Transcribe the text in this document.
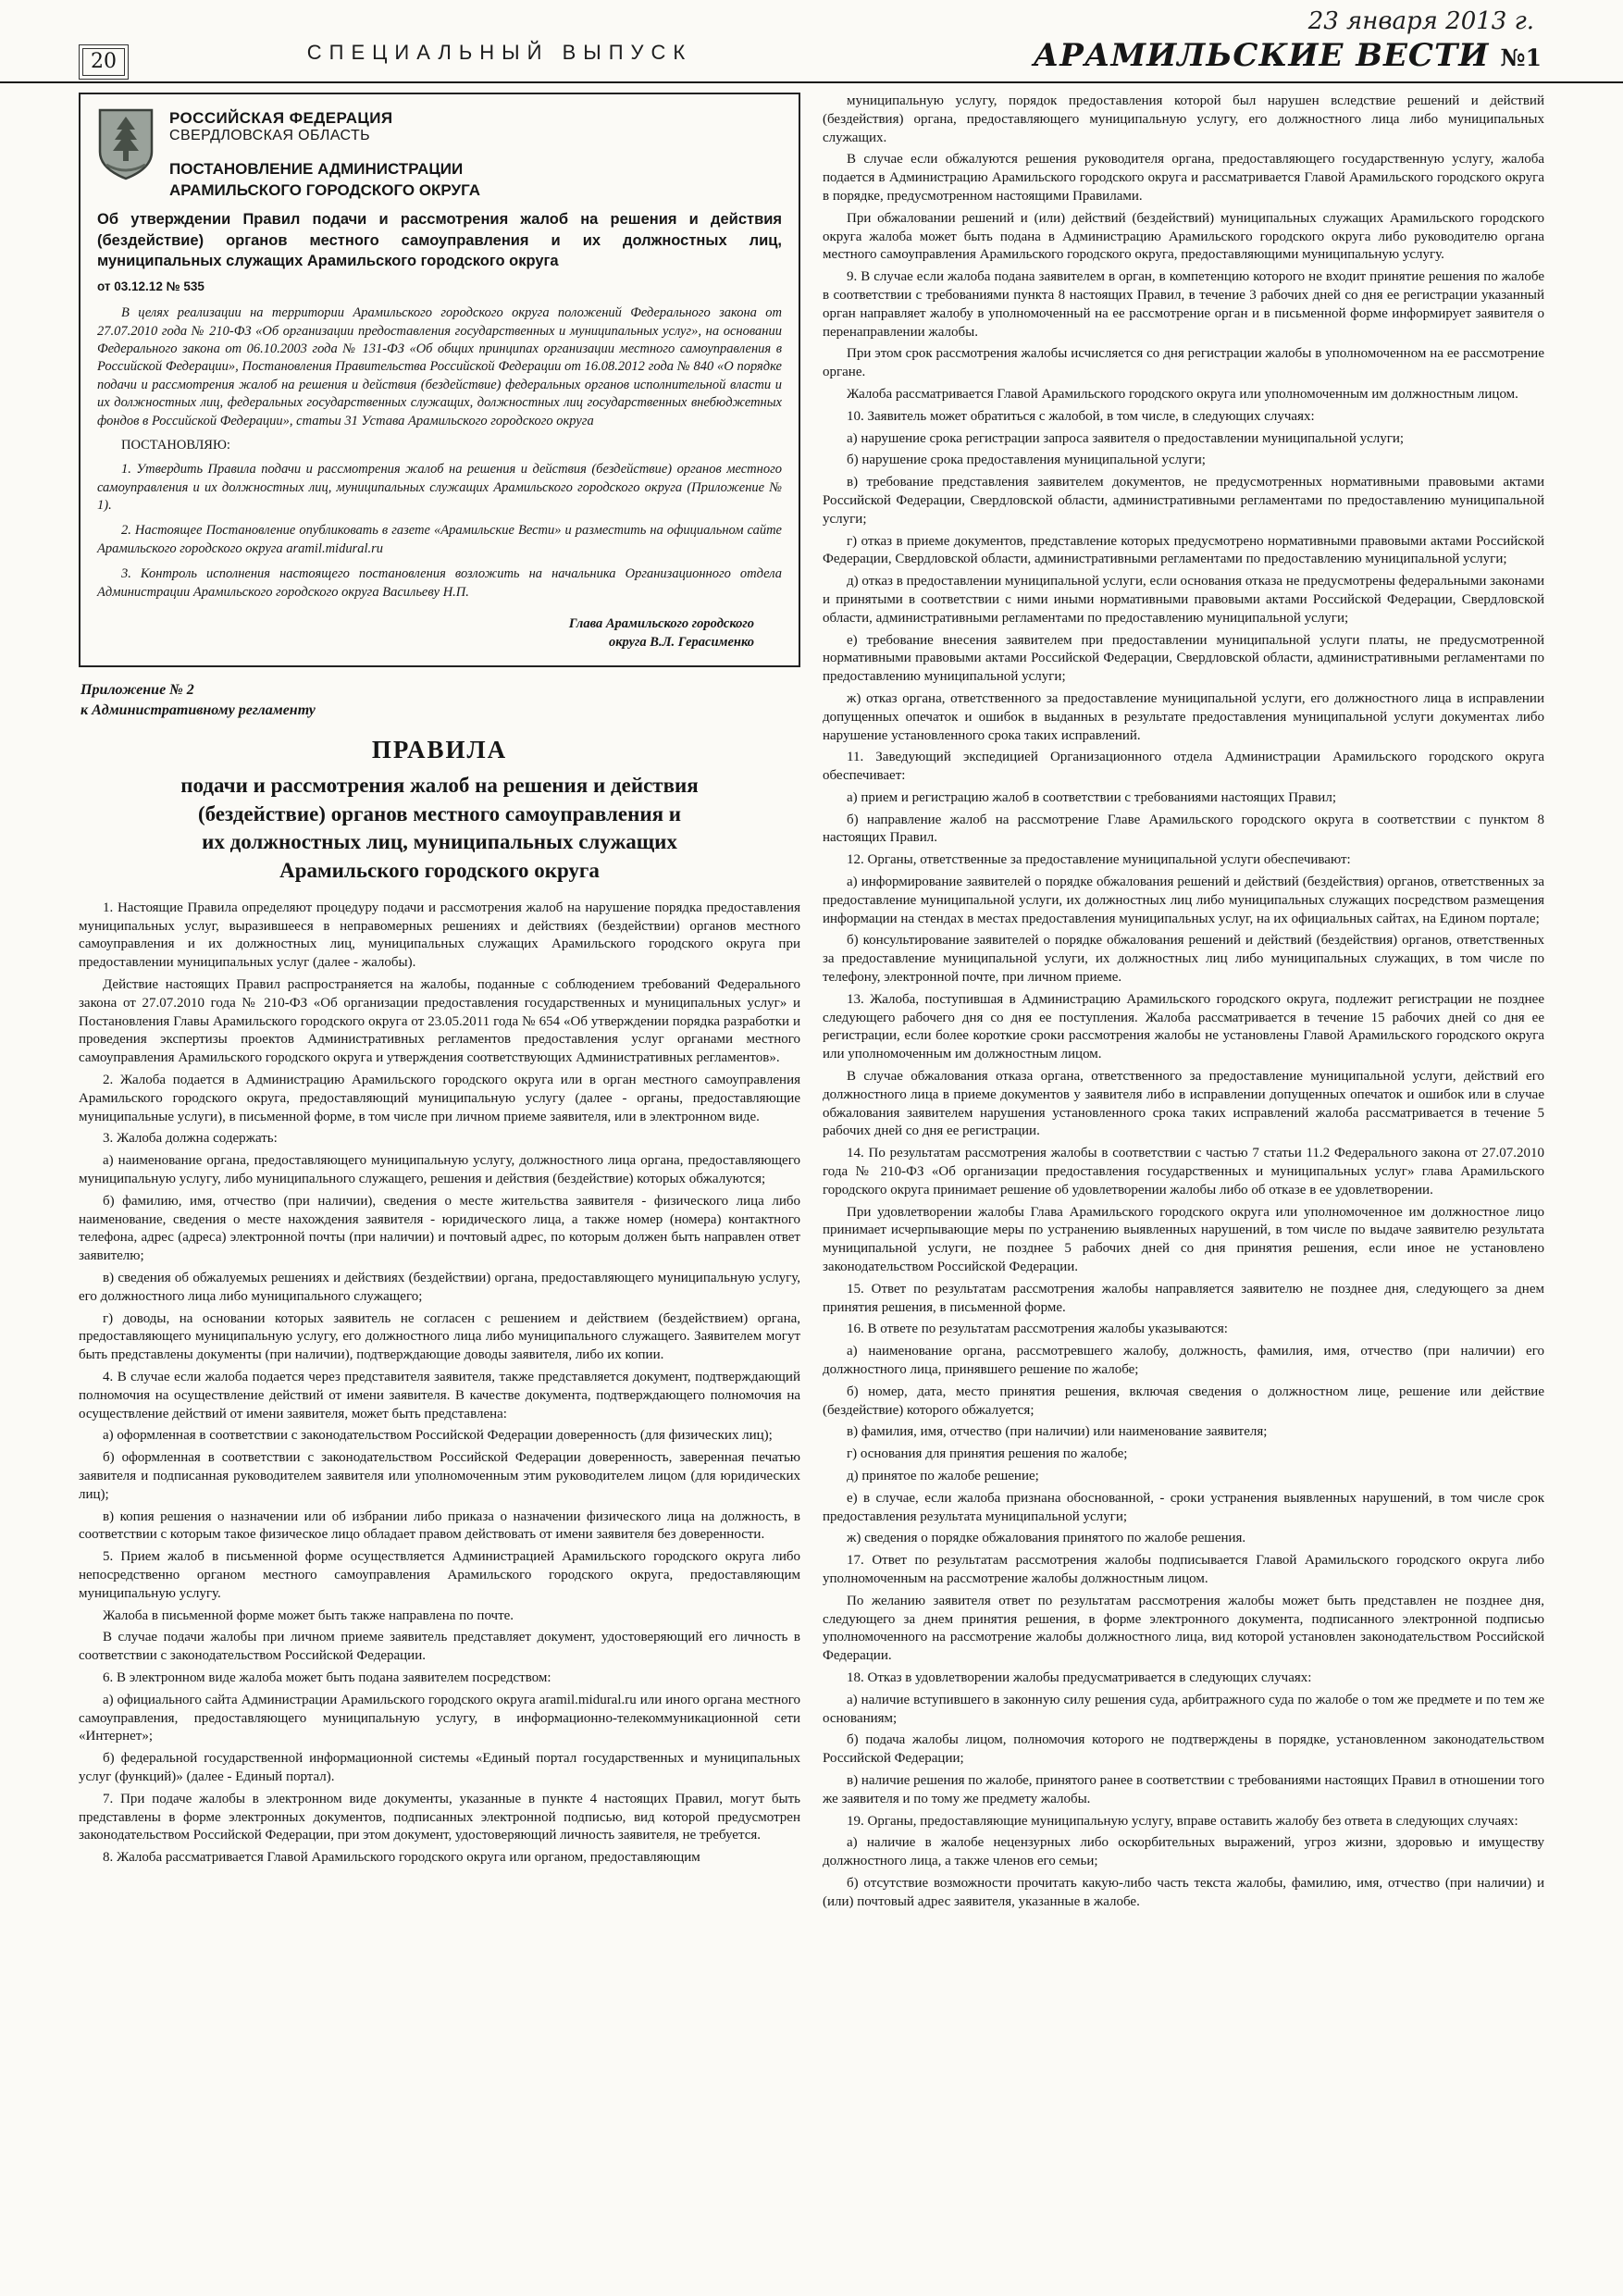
23 января 2013 г.
АРАМИЛЬСКИЕ ВЕСТИ №1
СПЕЦИАЛЬНЫЙ ВЫПУСК
20
РОССИЙСКАЯ ФЕДЕРАЦИЯ
СВЕРДЛОВСКАЯ ОБЛАСТЬ
ПОСТАНОВЛЕНИЕ АДМИНИСТРАЦИИ
АРАМИЛЬСКОГО ГОРОДСКОГО ОКРУГА

Об утверждении Правил подачи и рассмотрения жалоб на решения и действия (бездействие) органов местного самоуправления и их должностных лиц, муниципальных служащих Арамильского городского округа

от 03.12.12 № 535

В целях реализации на территории Арамильского городского округа положений Федерального закона от 27.07.2010 года № 210-ФЗ «Об организации предоставления государственных и муниципальных услуг», на основании Федерального закона от 06.10.2003 года № 131-ФЗ «Об общих принципах организации местного самоуправления в Российской Федерации», Постановления Правительства Российской Федерации от 16.08.2012 года № 840 «О порядке подачи и рассмотрения жалоб на решения и действия (бездействие) федеральных органов исполнительной власти и их должностных лиц, федеральных государственных служащих, должностных лиц государственных внебюджетных фондов в Российской Федерации», статьи 31 Устава Арамильского городского округа

ПОСТАНОВЛЯЮ:

1. Утвердить Правила подачи и рассмотрения жалоб на решения и действия (бездействие) органов местного самоуправления и их должностных лиц, муниципальных служащих Арамильского городского округа (Приложение № 1).

2. Настоящее Постановление опубликовать в газете «Арамильские Вести» и разместить на официальном сайте Арамильского городского округа aramil.midural.ru

3. Контроль исполнения настоящего постановления возложить на начальника Организационного отдела Администрации Арамильского городского округа Васильеву Н.П.

Глава Арамильского городского
округа В.Л. Герасименко
Приложение № 2
к Административному регламенту
ПРАВИЛА
подачи и рассмотрения жалоб на решения и действия
(бездействие) органов местного самоуправления и
их должностных лиц, муниципальных служащих
Арамильского городского округа

1. Настоящие Правила определяют процедуру подачи и рассмотрения жалоб на нарушение порядка предоставления муниципальных услуг, выразившееся в неправомерных решениях и действиях (бездействии) органов местного самоуправления и их должностных лиц, муниципальных служащих Арамильского городского округа при предоставлении муниципальных услуг (далее - жалобы).

Действие настоящих Правил распространяется на жалобы, поданные с соблюдением требований Федерального закона от 27.07.2010 года № 210-ФЗ «Об организации предоставления государственных и муниципальных услуг» и Постановления Главы Арамильского городского округа от 23.05.2011 года № 654 «Об утверждении порядка разработки и проведения экспертизы проектов Административных регламентов предоставления услуг органами местного самоуправления Арамильского городского округа и утверждения соответствующих Административных регламентов».

2. Жалоба подается в Администрацию Арамильского городского округа или в орган местного самоуправления Арамильского городского округа, предоставляющий муниципальную услугу (далее - органы, предоставляющие муниципальные услуги), в письменной форме, в том числе при личном приеме заявителя, или в электронном виде.

3. Жалоба должна содержать:

а) наименование органа, предоставляющего муниципальную услугу, должностного лица органа, предоставляющего муниципальную услугу, либо муниципального служащего, решения и действия (бездействие) которых обжалуются;

б) фамилию, имя, отчество (при наличии), сведения о месте жительства заявителя - физического лица либо наименование, сведения о месте нахождения заявителя - юридического лица, а также номер (номера) контактного телефона, адрес (адреса) электронной почты (при наличии) и почтовый адрес, по которым должен быть направлен ответ заявителю;

в) сведения об обжалуемых решениях и действиях (бездействии) органа, предоставляющего муниципальную услугу, его должностного лица либо муниципального служащего;

г) доводы, на основании которых заявитель не согласен с решением и действием (бездействием) органа, предоставляющего муниципальную услугу, его должностного лица либо муниципального служащего. Заявителем могут быть представлены документы (при наличии), подтверждающие доводы заявителя, либо их копии.

4. В случае если жалоба подается через представителя заявителя, также представляется документ, подтверждающий полномочия на осуществление действий от имени заявителя. В качестве документа, подтверждающего полномочия на осуществление действий от имени заявителя, может быть представлена:

а) оформленная в соответствии с законодательством Российской Федерации доверенность (для физических лиц);

б) оформленная в соответствии с законодательством Российской Федерации доверенность, заверенная печатью заявителя и подписанная руководителем заявителя или уполномоченным этим руководителем лицом (для юридических лиц);

в) копия решения о назначении или об избрании либо приказа о назначении физического лица на должность, в соответствии с которым такое физическое лицо обладает правом действовать от имени заявителя без доверенности.

5. Прием жалоб в письменной форме осуществляется Администрацией Арамильского городского округа либо непосредственно органом местного самоуправления Арамильского городского округа, предоставляющим муниципальную услугу.

Жалоба в письменной форме может быть также направлена по почте.

В случае подачи жалобы при личном приеме заявитель представляет документ, удостоверяющий его личность в соответствии с законодательством Российской Федерации.

6. В электронном виде жалоба может быть подана заявителем посредством:

а) официального сайта Администрации Арамильского городского округа aramil.midural.ru или иного органа местного самоуправления, предоставляющего муниципальную услугу, в информационно-телекоммуникационной сети «Интернет»;

б) федеральной государственной информационной системы «Единый портал государственных и муниципальных услуг (функций)» (далее - Единый портал).

7. При подаче жалобы в электронном виде документы, указанные в пункте 4 настоящих Правил, могут быть представлены в форме электронных документов, подписанных электронной подписью, вид которой предусмотрен законодательством Российской Федерации, при этом документ, удостоверяющий личность заявителя, не требуется.

8. Жалоба рассматривается Главой Арамильского городского округа или органом, предоставляющим

муниципальную услугу, порядок предоставления которой был нарушен вследствие решений и действий (бездействия) органа, предоставляющего муниципальную услугу, его должностного лица либо муниципальных служащих.

В случае если обжалуются решения руководителя органа, предоставляющего государственную услугу, жалоба подается в Администрацию Арамильского городского округа и рассматривается Главой Арамильского городского округа в порядке, предусмотренном настоящими Правилами.

При обжаловании решений и (или) действий (бездействий) муниципальных служащих Арамильского городского округа жалоба может быть подана в Администрацию Арамильского городского округа либо руководителю органа местного самоуправления Арамильского городского округа, предоставляющими муниципальную услугу.

9. В случае если жалоба подана заявителем в орган, в компетенцию которого не входит принятие решения по жалобе в соответствии с требованиями пункта 8 настоящих Правил, в течение 3 рабочих дней со дня ее регистрации указанный орган направляет жалобу в уполномоченный на ее рассмотрение орган и в письменной форме информирует заявителя о перенаправлении жалобы.

При этом срок рассмотрения жалобы исчисляется со дня регистрации жалобы в уполномоченном на ее рассмотрение органе.

Жалоба рассматривается Главой Арамильского городского округа или уполномоченным им должностным лицом.

10. Заявитель может обратиться с жалобой, в том числе, в следующих случаях:

а) нарушение срока регистрации запроса заявителя о предоставлении муниципальной услуги;

б) нарушение срока предоставления муниципальной услуги;

в) требование представления заявителем документов, не предусмотренных нормативными правовыми актами Российской Федерации, Свердловской области, административными регламентами по предоставлению муниципальной услуги;

г) отказ в приеме документов, представление которых предусмотрено нормативными правовыми актами Российской Федерации, Свердловской области, административными регламентами по предоставлению муниципальной услуги;

д) отказ в предоставлении муниципальной услуги, если основания отказа не предусмотрены федеральными законами и принятыми в соответствии с ними иными нормативными правовыми актами Российской Федерации, Свердловской области, административными регламентами по предоставлению муниципальной услуги;

е) требование внесения заявителем при предоставлении муниципальной услуги платы, не предусмотренной нормативными правовыми актами Российской Федерации, Свердловской области, административными регламентами по предоставлению муниципальной услуги;

ж) отказ органа, ответственного за предоставление муниципальной услуги, его должностного лица в исправлении допущенных опечаток и ошибок в выданных в результате предоставления муниципальной услуги документах либо нарушение установленного срока таких исправлений.

11. Заведующий экспедицией Организационного отдела Администрации Арамильского городского округа обеспечивает:

а) прием и регистрацию жалоб в соответствии с требованиями настоящих Правил;

б) направление жалоб на рассмотрение Главе Арамильского городского округа в соответствии с пунктом 8 настоящих Правил.

12. Органы, ответственные за предоставление муниципальной услуги обеспечивают:

а) информирование заявителей о порядке обжалования решений и действий (бездействия) органов, ответственных за предоставление муниципальной услуги, их должностных лиц либо муниципальных служащих посредством размещения информации на стендах в местах предоставления муниципальных услуг, на их официальных сайтах, на Едином портале;

б) консультирование заявителей о порядке обжалования решений и действий (бездействия) органов, ответственных за предоставление муниципальной услуги, их должностных лиц либо муниципальных служащих, в том числе по телефону, электронной почте, при личном приеме.

13. Жалоба, поступившая в Администрацию Арамильского городского округа, подлежит регистрации не позднее следующего рабочего дня со дня ее поступления. Жалоба рассматривается в течение 15 рабочих дней со дня ее регистрации, если более короткие сроки рассмотрения жалобы не установлены Главой Арамильского городского округа или уполномоченным им должностным лицом.

В случае обжалования отказа органа, ответственного за предоставление муниципальной услуги, действий его должностного лица в приеме документов у заявителя либо в исправлении допущенных опечаток и ошибок или в случае обжалования заявителем нарушения установленного срока таких исправлений жалоба рассматривается в течение 5 рабочих дней со дня ее регистрации.

14. По результатам рассмотрения жалобы в соответствии с частью 7 статьи 11.2 Федерального закона от 27.07.2010 года № 210-ФЗ «Об организации предоставления государственных и муниципальных услуг» глава Арамильского городского округа принимает решение об удовлетворении жалобы либо об отказе в ее удовлетворении.

При удовлетворении жалобы Глава Арамильского городского округа или уполномоченное им должностное лицо принимает исчерпывающие меры по устранению выявленных нарушений, в том числе по выдаче заявителю результата муниципальной услуги, не позднее 5 рабочих дней со дня принятия решения, если иное не установлено законодательством Российской Федерации.

15. Ответ по результатам рассмотрения жалобы направляется заявителю не позднее дня, следующего за днем принятия решения, в письменной форме.

16. В ответе по результатам рассмотрения жалобы указываются:

а) наименование органа, рассмотревшего жалобу, должность, фамилия, имя, отчество (при наличии) его должностного лица, принявшего решение по жалобе;

б) номер, дата, место принятия решения, включая сведения о должностном лице, решение или действие (бездействие) которого обжалуется;

в) фамилия, имя, отчество (при наличии) или наименование заявителя;

г) основания для принятия решения по жалобе;

д) принятое по жалобе решение;

е) в случае, если жалоба признана обоснованной, - сроки устранения выявленных нарушений, в том числе срок предоставления результата муниципальной услуги;

ж) сведения о порядке обжалования принятого по жалобе решения.

17. Ответ по результатам рассмотрения жалобы подписывается Главой Арамильского городского округа либо уполномоченным на рассмотрение жалобы должностным лицом.

По желанию заявителя ответ по результатам рассмотрения жалобы может быть представлен не позднее дня, следующего за днем принятия решения, в форме электронного документа, подписанного электронной подписью уполномоченного на рассмотрение жалобы должностного лица, вид которой установлен законодательством Российской Федерации.

18. Отказ в удовлетворении жалобы предусматривается в следующих случаях:

а) наличие вступившего в законную силу решения суда, арбитражного суда по жалобе о том же предмете и по тем же основаниям;

б) подача жалобы лицом, полномочия которого не подтверждены в порядке, установленном законодательством Российской Федерации;

в) наличие решения по жалобе, принятого ранее в соответствии с требованиями настоящих Правил в отношении того же заявителя и по тому же предмету жалобы.

19. Органы, предоставляющие муниципальную услугу, вправе оставить жалобу без ответа в следующих случаях:

а) наличие в жалобе нецензурных либо оскорбительных выражений, угроз жизни, здоровью и имуществу должностного лица, а также членов его семьи;

б) отсутствие возможности прочитать какую-либо часть текста жалобы, фамилию, имя, отчество (при наличии) и (или) почтовый адрес заявителя, указанные в жалобе.
